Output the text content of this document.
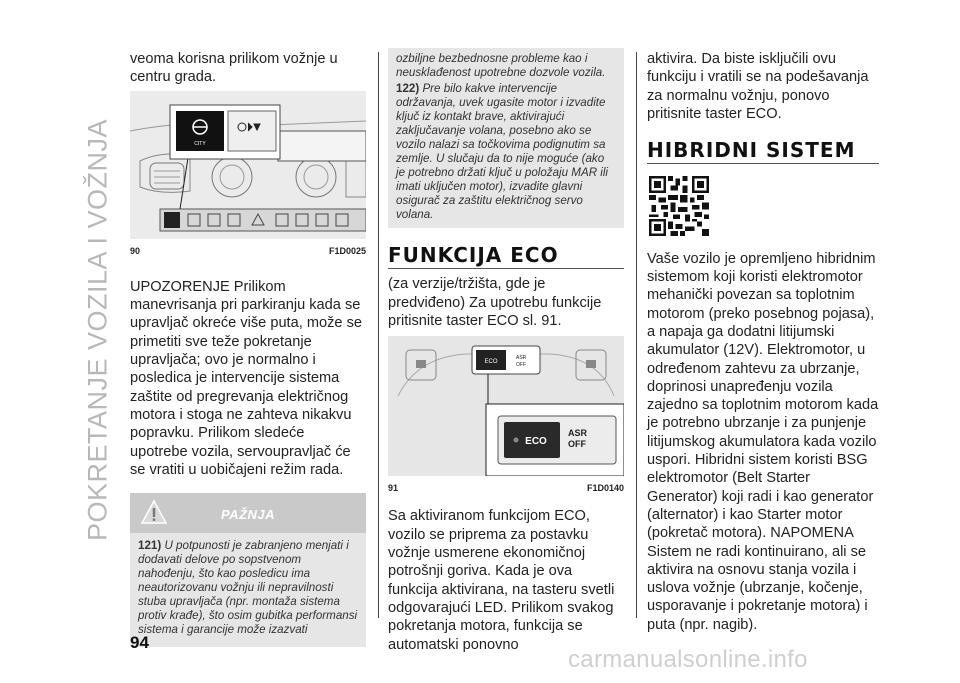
POKRETANJE VOZILA I VOŽNJA

veoma korisna prilikom vožnje u centru grada.

CITY
90	F1D0025

UPOZORENJE Prilikom manevrisanja pri parkiranju kada se upravljač okreće više puta, može se primetiti sve teže pokretanje upravljača; ovo je normalno i posledica je intervencije sistema zaštite od pregrevanja električnog motora i stoga ne zahteva nikakvu popravku. Prilikom sledeće upotrebe vozila, servoupravljač će se vratiti u uobičajeni režim rada.

PAŽNJA
121) U potpunosti je zabranjeno menjati i dodavati delove po sopstvenom nahođenju, što kao posledicu ima neautorizovanu vožnju ili nepravilnosti stuba upravljača (npr. montaža sistema protiv krađe), što osim gubitka performansi sistema i garancije može izazvati

ozbiljne bezbednosne probleme kao i neusklađenost upotrebne dozvole vozila.

122) Pre bilo kakve intervencije održavanja, uvek ugasite motor i izvadite ključ iz kontakt brave, aktivirajući zaključavanje volana, posebno ako se vozilo nalazi sa točkovima podignutim sa zemlje. U slučaju da to nije moguće (ako je potrebno držati ključ u položaju MAR ili imati uključen motor), izvadite glavni osigurač za zaštitu električnog servo volana.

FUNKCIJA ECO

(za verzije/tržišta, gde je predviđeno) Za upotrebu funkcije pritisnite taster ECO sl. 91.

ECO
ASR
OFF
ECO
ASR
OFF
91	F1D0140

Sa aktiviranom funkcijom ECO, vozilo se priprema za postavku vožnje usmerene ekonomičnoj potrošnji goriva. Kada je ova funkcija aktivirana, na tasteru svetli odgovarajući LED. Prilikom svakog pokretanja motora, funkcija se automatski ponovno

aktivira. Da biste isključili ovu funkciju i vratili se na podešavanja za normalnu vožnju, ponovo pritisnite taster ECO.

HIBRIDNI SISTEM

Vaše vozilo je opremljeno hibridnim sistemom koji koristi elektromotor mehanički povezan sa toplotnim motorom (preko posebnog pojasa), a napaja ga dodatni litijumski akumulator (12V). Elektromotor, u određenom zahtevu za ubrzanje, doprinosi unapređenju vozila zajedno sa toplotnim motorom kada je potrebno ubrzanje i za punjenje litijumskog akumulatora kada vozilo uspori. Hibridni sistem koristi BSG elektromotor (Belt Starter Generator) koji radi i kao generator (alternator) i kao Starter motor (pokretač motora). NAPOMENA Sistem ne radi kontinuirano, ali se aktivira na osnovu stanja vozila i uslova vožnje (ubrzanje, kočenje, usporavanje i pokretanje motora) i puta (npr. nagib).

94
carmanualsonline.info
